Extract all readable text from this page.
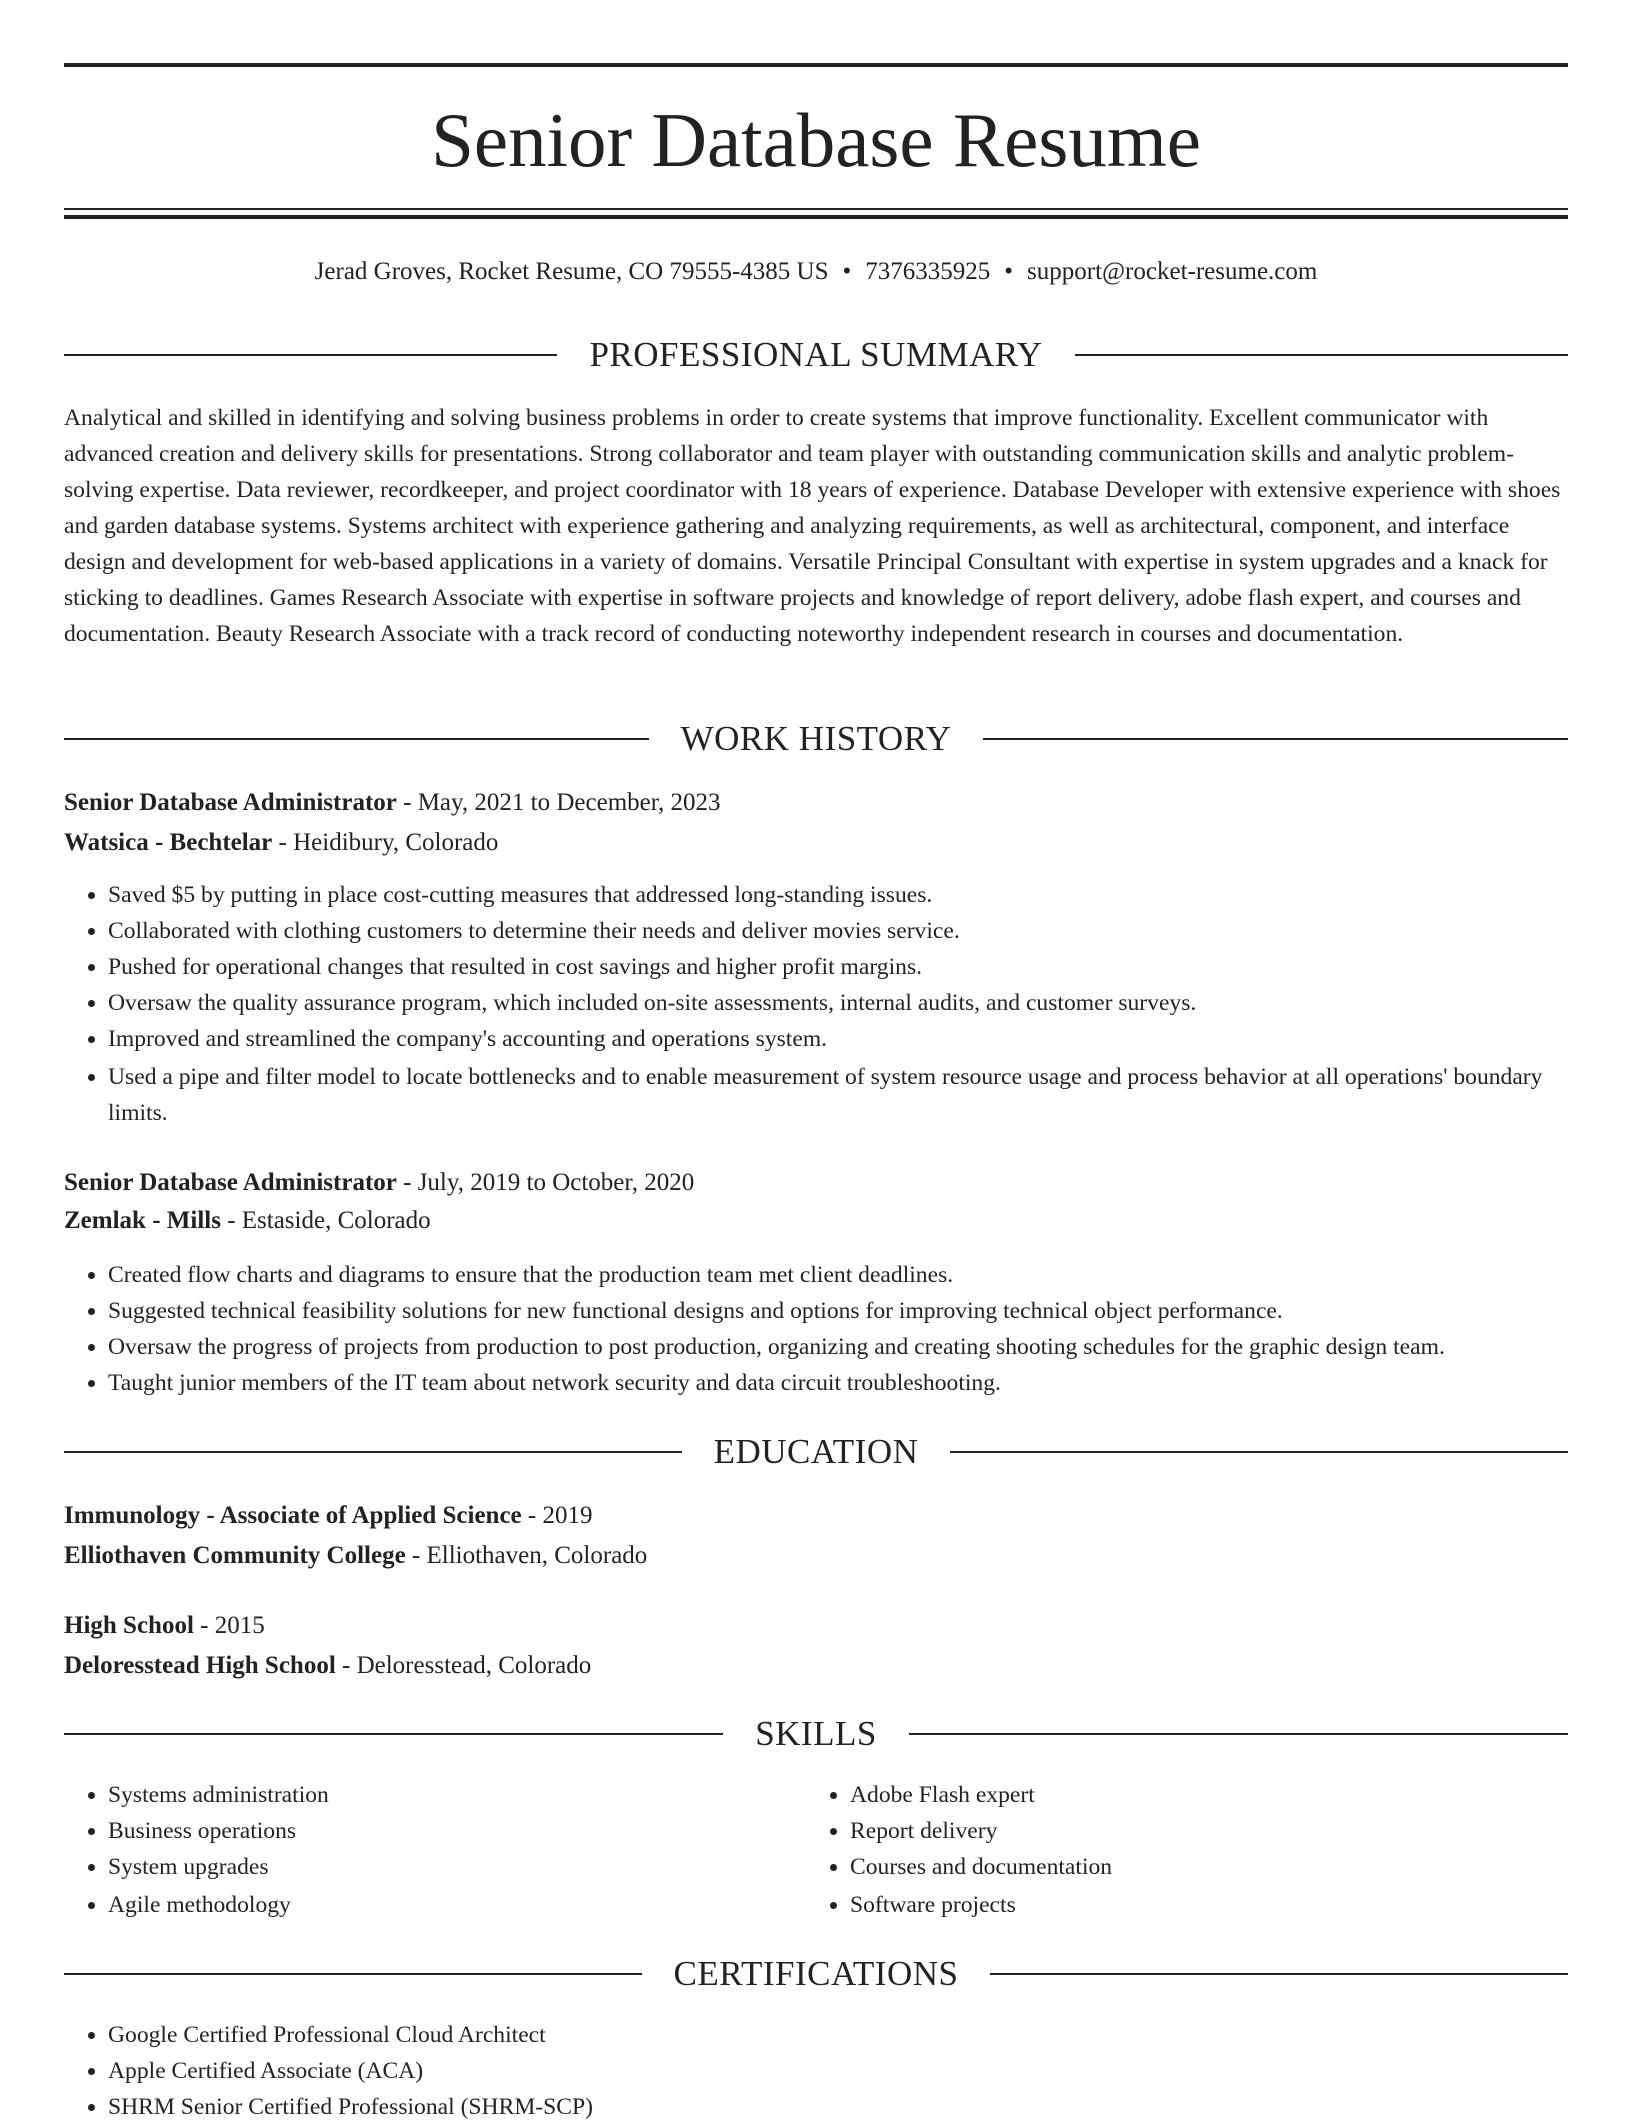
Senior Database Resume
Jerad Groves, Rocket Resume, CO 79555-4385 US • 7376335925 • support@rocket-resume.com
PROFESSIONAL SUMMARY

Analytical and skilled in identifying and solving business problems in order to create systems that improve functionality. Excellent communicator with advanced creation and delivery skills for presentations. Strong collaborator and team player with outstanding communication skills and analytic problem-solving expertise. Data reviewer, recordkeeper, and project coordinator with 18 years of experience. Database Developer with extensive experience with shoes and garden database systems. Systems architect with experience gathering and analyzing requirements, as well as architectural, component, and interface design and development for web-based applications in a variety of domains. Versatile Principal Consultant with expertise in system upgrades and a knack for sticking to deadlines. Games Research Associate with expertise in software projects and knowledge of report delivery, adobe flash expert, and courses and documentation. Beauty Research Associate with a track record of conducting noteworthy independent research in courses and documentation.

WORK HISTORY
Senior Database Administrator - May, 2021 to December, 2023
Watsica - Bechtelar - Heidibury, Colorado
• Saved $5 by putting in place cost-cutting measures that addressed long-standing issues.
• Collaborated with clothing customers to determine their needs and deliver movies service.
• Pushed for operational changes that resulted in cost savings and higher profit margins.
• Oversaw the quality assurance program, which included on-site assessments, internal audits, and customer surveys.
• Improved and streamlined the company's accounting and operations system.
• Used a pipe and filter model to locate bottlenecks and to enable measurement of system resource usage and process behavior at all operations' boundary limits.
Senior Database Administrator - July, 2019 to October, 2020
Zemlak - Mills - Estaside, Colorado
• Created flow charts and diagrams to ensure that the production team met client deadlines.
• Suggested technical feasibility solutions for new functional designs and options for improving technical object performance.
• Oversaw the progress of projects from production to post production, organizing and creating shooting schedules for the graphic design team.
• Taught junior members of the IT team about network security and data circuit troubleshooting.
EDUCATION
Immunology - Associate of Applied Science - 2019
Elliothaven Community College - Elliothaven, Colorado
High School - 2015
Deloresstead High School - Deloresstead, Colorado
SKILLS
• Systems administration
• Business operations
• System upgrades
• Agile methodology
• Adobe Flash expert
• Report delivery
• Courses and documentation
• Software projects
CERTIFICATIONS
• Google Certified Professional Cloud Architect
• Apple Certified Associate (ACA)
• SHRM Senior Certified Professional (SHRM-SCP)
